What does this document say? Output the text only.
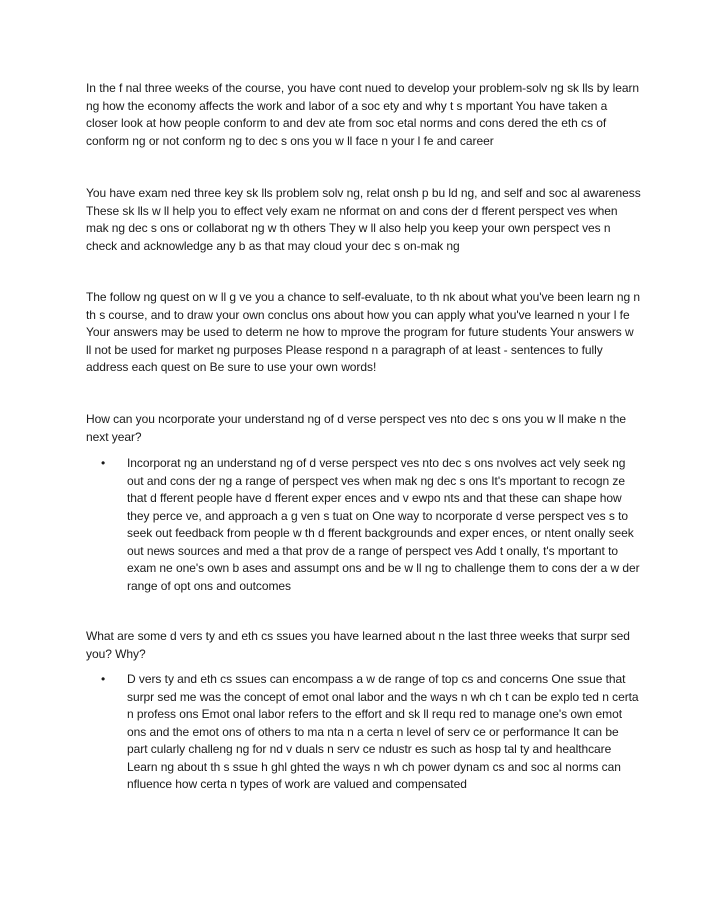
In the f nal three weeks of the course, you have cont nued to develop your problem-solv ng sk lls by learn ng how the economy affects the work and labor of a soc ety and why t s mportant You have taken a closer look at how people conform to and dev ate from soc etal norms and cons dered the eth cs of conform ng or not conform ng to dec s ons you w ll face n your l fe and career

You have exam ned three key sk lls problem solv ng, relat onsh p bu ld ng, and self and soc al awareness These sk lls w ll help you to effect vely exam ne nformat on and cons der d fferent perspect ves when mak ng dec s ons or collaborat ng w th others They w ll also help you keep your own perspect ves n check and acknowledge any b as that may cloud your dec s on-mak ng

The follow ng quest on w ll g ve you a chance to self-evaluate, to th nk about what you've been learn ng n th s course, and to draw your own conclus ons about how you can apply what you've learned n your l fe Your answers may be used to determ ne how to mprove the program for future students Your answers w ll not be used for market ng purposes Please respond n a paragraph of at least - sentences to fully address each quest on Be sure to use your own words!

How can you ncorporate your understand ng of d verse perspect ves nto dec s ons you w ll make n the next year?

•	Incorporat ng an understand ng of d verse perspect ves nto dec s ons nvolves act vely seek ng out and cons der ng a range of perspect ves when mak ng dec s ons It's mportant to recogn ze that d fferent people have d fferent exper ences and v ewpo nts and that these can shape how they perce ve, and approach a g ven s tuat on One way to ncorporate d verse perspect ves s to seek out feedback from people w th d fferent backgrounds and exper ences, or ntent onally seek out news sources and med a that prov de a range of perspect ves Add t onally, t's mportant to exam ne one's own b ases and assumpt ons and be w ll ng to challenge them to cons der a w der range of opt ons and outcomes

What are some d vers ty and eth cs ssues you have learned about n the last three weeks that surpr sed you? Why?

•	D vers ty and eth cs ssues can encompass a w de range of top cs and concerns One ssue that surpr sed me was the concept of emot onal labor and the ways n wh ch t can be explo ted n certa n profess ons Emot onal labor refers to the effort and sk ll requ red to manage one's own emot ons and the emot ons of others to ma nta n a certa n level of serv ce or performance It can be part cularly challeng ng for nd v duals n serv ce ndustr es such as hosp tal ty and healthcare Learn ng about th s ssue h ghl ghted the ways n wh ch power dynam cs and soc al norms can nfluence how certa n types of work are valued and compensated
